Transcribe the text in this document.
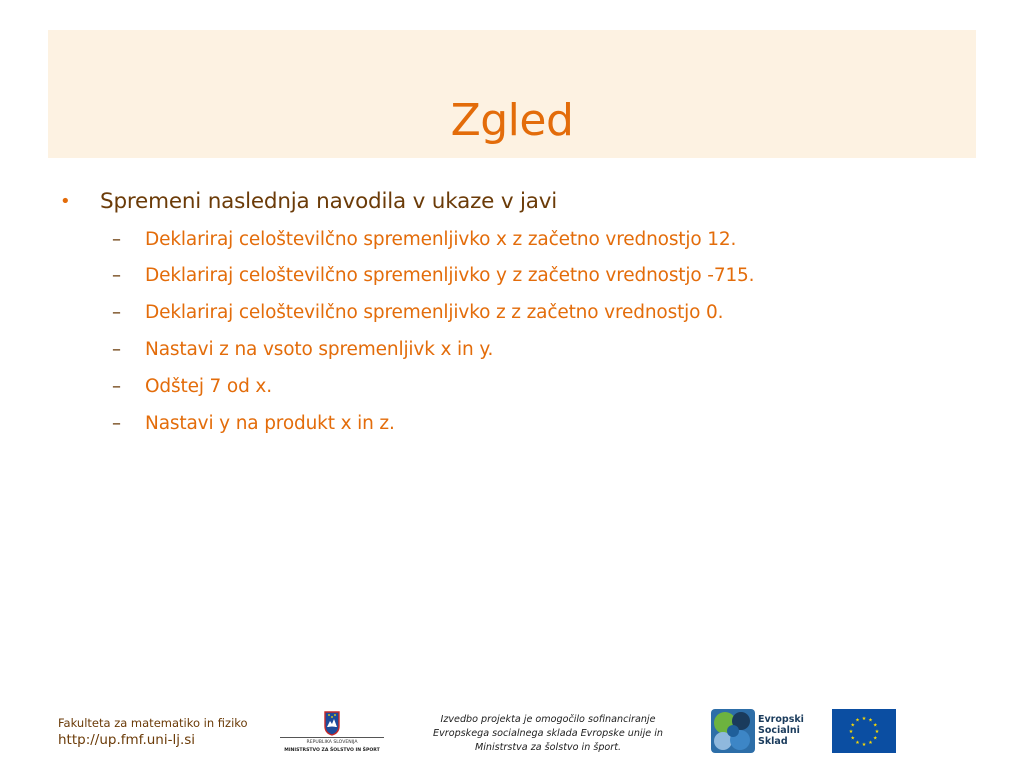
Zgled
• Spremeni naslednja navodila v ukaze v javi
– Deklariraj celoštevilčno spremenljivko x z začetno vrednostjo 12.
– Deklariraj celoštevilčno spremenljivko y z začetno vrednostjo -715.
– Deklariraj celoštevilčno spremenljivko z z začetno vrednostjo 0.
– Nastavi z na vsoto spremenljivk x in y.
– Odštej 7 od x.
– Nastavi y na produkt x in z.
Fakulteta za matematiko in fiziko
http://up.fmf.uni-lj.si	REPUBLIKA SLOVENIJA
MINISTRSTVO ZA ŠOLSTVO IN ŠPORT
Izvedbo projekta je omogočilo sofinanciranje
Evropskega socialnega sklada Evropske unije in
Ministrstva za šolstvo in šport.
Evropski
Socialni
Sklad
★ ★
★
★
★
★
★
★
★
★
★
★
